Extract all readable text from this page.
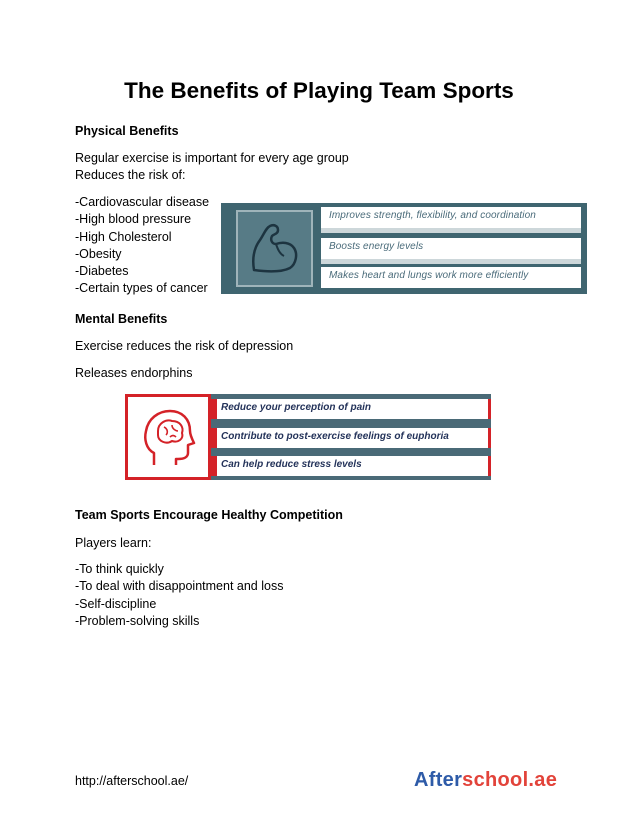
The Benefits of Playing Team Sports
Physical Benefits
Regular exercise is important for every age group
Reduces the risk of:
-Cardiovascular disease
-High blood pressure
-High Cholesterol
-Obesity
-Diabetes
-Certain types of cancer
Improves strength, flexibility, and coordination
Boosts energy levels
Makes heart and lungs work more efficiently
Mental Benefits
Exercise reduces the risk of depression
Releases endorphins
Reduce your perception of pain
Contribute to post-exercise feelings of euphoria
Can help reduce stress levels
Team Sports Encourage Healthy Competition
Players learn:
-To think quickly
-To deal with disappointment and loss
-Self-discipline
-Problem-solving skills
http://afterschool.ae/	Afterschool.ae
